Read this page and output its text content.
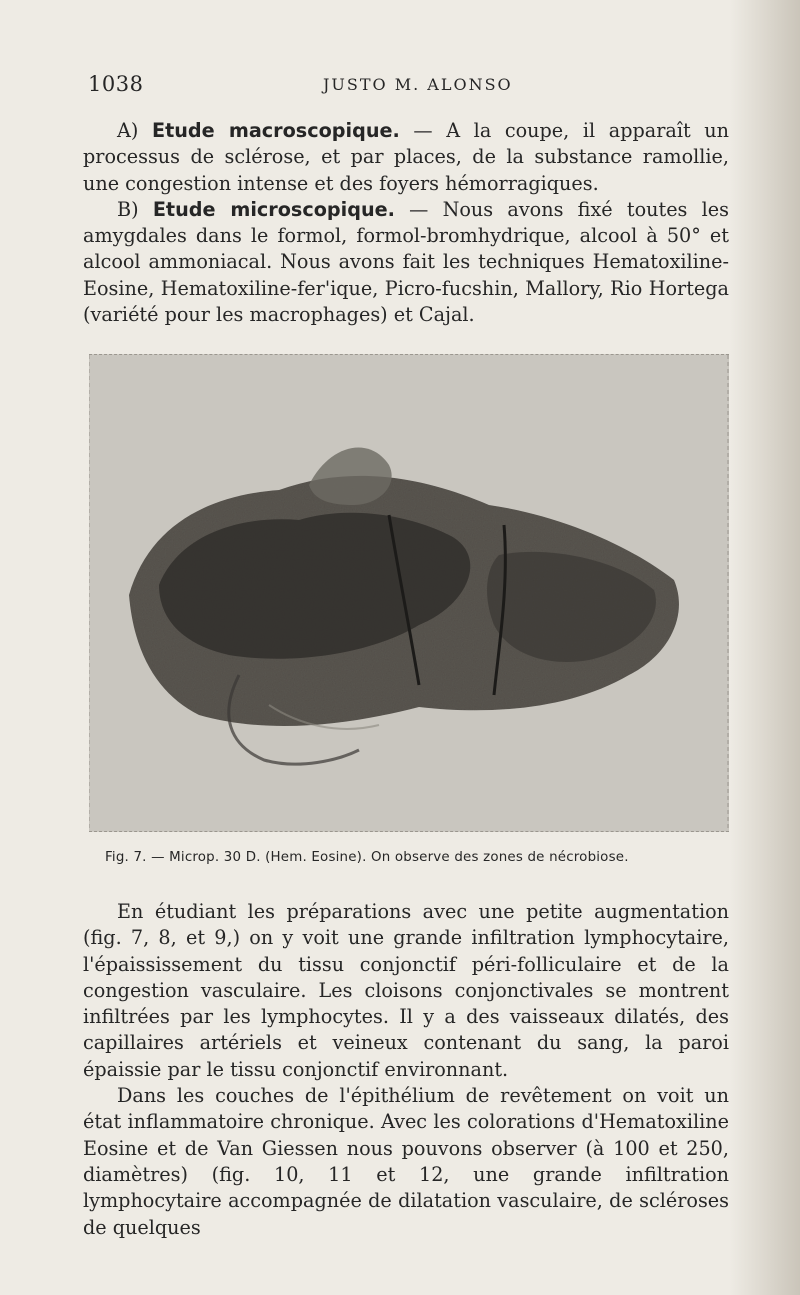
1038	JUSTO M. ALONSO

A) Etude macroscopique. — A la coupe, il apparaît un processus de sclérose, et par places, de la substance ramollie, une congestion intense et des foyers hémorragiques.

B) Etude microscopique. — Nous avons fixé toutes les amygdales dans le formol, formol-bromhydrique, alcool à 50° et alcool ammoniacal. Nous avons fait les techniques Hematoxiline-Eosine, Hematoxiline-fer'ique, Picro-fucshin, Mallory, Rio Hortega (variété pour les macrophages) et Cajal.

Fig. 7. — Microp. 30 D. (Hem. Eosine). On observe des zones de nécrobiose.

En étudiant les préparations avec une petite augmentation (fig. 7, 8, et 9,) on y voit une grande infiltration lymphocytaire, l'épaississement du tissu conjonctif péri-folliculaire et de la congestion vasculaire. Les cloisons conjonctivales se montrent infiltrées par les lymphocytes. Il y a des vaisseaux dilatés, des capillaires artériels et veineux contenant du sang, la paroi épaissie par le tissu conjonctif environnant.

Dans les couches de l'épithélium de revêtement on voit un état inflammatoire chronique. Avec les colorations d'Hematoxiline Eosine et de Van Giessen nous pouvons observer (à 100 et 250, diamètres) (fig. 10, 11 et 12, une grande infiltration lymphocytaire accompagnée de dilatation vasculaire, de scléroses de quelques
